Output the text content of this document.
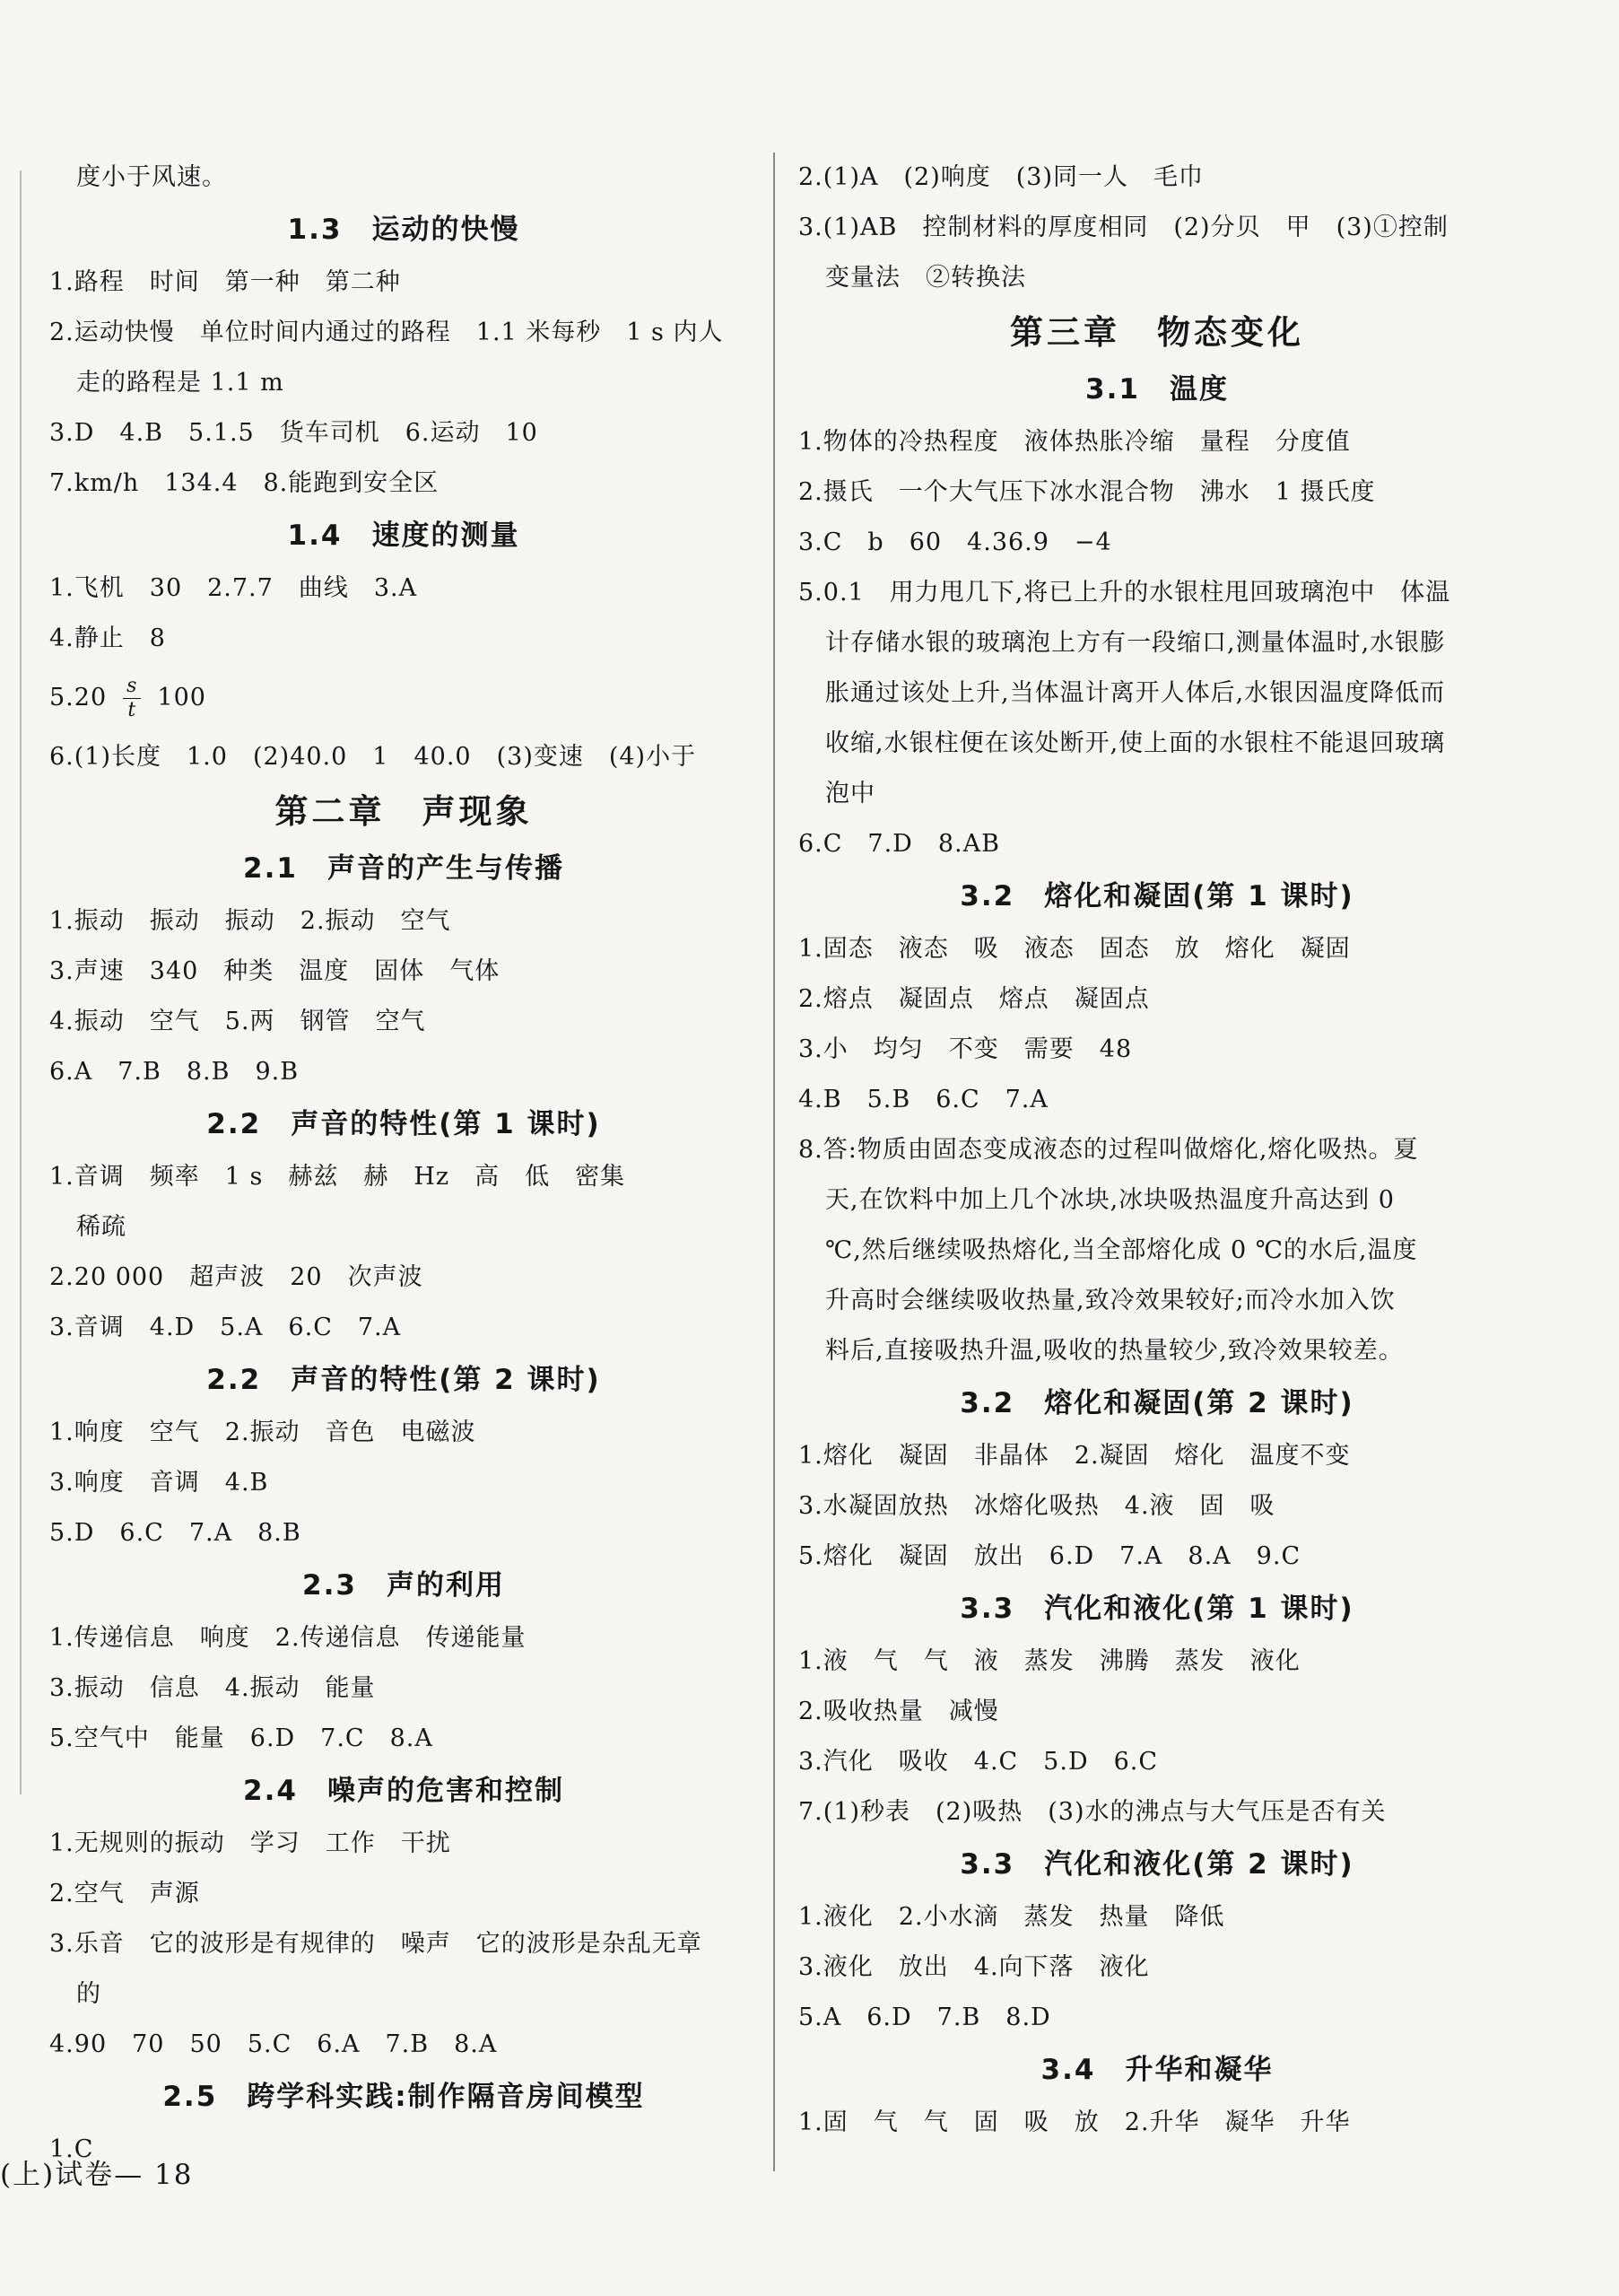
度小于风速。
1.3　运动的快慢
1.路程　时间　第一种　第二种
2.运动快慢　单位时间内通过的路程　1.1 米每秒　1 s 内人
走的路程是 1.1 m
3.D　4.B　5.1.5　货车司机　6.运动　10
7.km/h　134.4　8.能跑到安全区
1.4　速度的测量
1.飞机　30　2.7.7　曲线　3.A
4.静止　8
$5.20 \frac{s}{t} 100$
6.(1)长度　1.0　(2)40.0　1　40.0　(3)变速　(4)小于
第二章　声现象
2.1　声音的产生与传播
1.振动　振动　振动　2.振动　空气
3.声速　340　种类　温度　固体　气体
4.振动　空气　5.两　钢管　空气
6.A　7.B　8.B　9.B
2.2　声音的特性(第 1 课时)
1.音调　频率　1 s　赫兹　赫　Hz　高　低　密集
稀疏
2.20 000　超声波　20　次声波
3.音调　4.D　5.A　6.C　7.A
2.2　声音的特性(第 2 课时)
1.响度　空气　2.振动　音色　电磁波
3.响度　音调　4.B
5.D　6.C　7.A　8.B
2.3　声的利用
1.传递信息　响度　2.传递信息　传递能量
3.振动　信息　4.振动　能量
5.空气中　能量　6.D　7.C　8.A
2.4　噪声的危害和控制
1.无规则的振动　学习　工作　干扰
2.空气　声源
3.乐音　它的波形是有规律的　噪声　它的波形是杂乱无章
的
4.90　70　50　5.C　6.A　7.B　8.A
2.5　跨学科实践:制作隔音房间模型
1.C
2.(1)A　(2)响度　(3)同一人　毛巾
3.(1)AB　控制材料的厚度相同　(2)分贝　甲　(3)①控制
变量法　②转换法
第三章　物态变化
3.1　温度
1.物体的冷热程度　液体热胀冷缩　量程　分度值
2.摄氏　一个大气压下冰水混合物　沸水　1 摄氏度
3.C　b　60　4.36.9　−4
5.0.1　用力甩几下,将已上升的水银柱甩回玻璃泡中　体温
计存储水银的玻璃泡上方有一段缩口,测量体温时,水银膨
胀通过该处上升,当体温计离开人体后,水银因温度降低而
收缩,水银柱便在该处断开,使上面的水银柱不能退回玻璃
泡中
6.C　7.D　8.AB
3.2　熔化和凝固(第 1 课时)
1.固态　液态　吸　液态　固态　放　熔化　凝固
2.熔点　凝固点　熔点　凝固点
3.小　均匀　不变　需要　48
4.B　5.B　6.C　7.A
8.答:物质由固态变成液态的过程叫做熔化,熔化吸热。夏
天,在饮料中加上几个冰块,冰块吸热温度升高达到 0
℃,然后继续吸热熔化,当全部熔化成 0 ℃的水后,温度
升高时会继续吸收热量,致冷效果较好;而冷水加入饮
料后,直接吸热升温,吸收的热量较少,致冷效果较差。
3.2　熔化和凝固(第 2 课时)
1.熔化　凝固　非晶体　2.凝固　熔化　温度不变
3.水凝固放热　冰熔化吸热　4.液　固　吸
5.熔化　凝固　放出　6.D　7.A　8.A　9.C
3.3　汽化和液化(第 1 课时)
1.液　气　气　液　蒸发　沸腾　蒸发　液化
2.吸收热量　减慢
3.汽化　吸收　4.C　5.D　6.C
7.(1)秒表　(2)吸热　(3)水的沸点与大气压是否有关
3.3　汽化和液化(第 2 课时)
1.液化　2.小水滴　蒸发　热量　降低
3.液化　放出　4.向下落　液化
5.A　6.D　7.B　8.D
3.4　升华和凝华
1.固　气　气　固　吸　放　2.升华　凝华　升华
(上)试卷— 18
